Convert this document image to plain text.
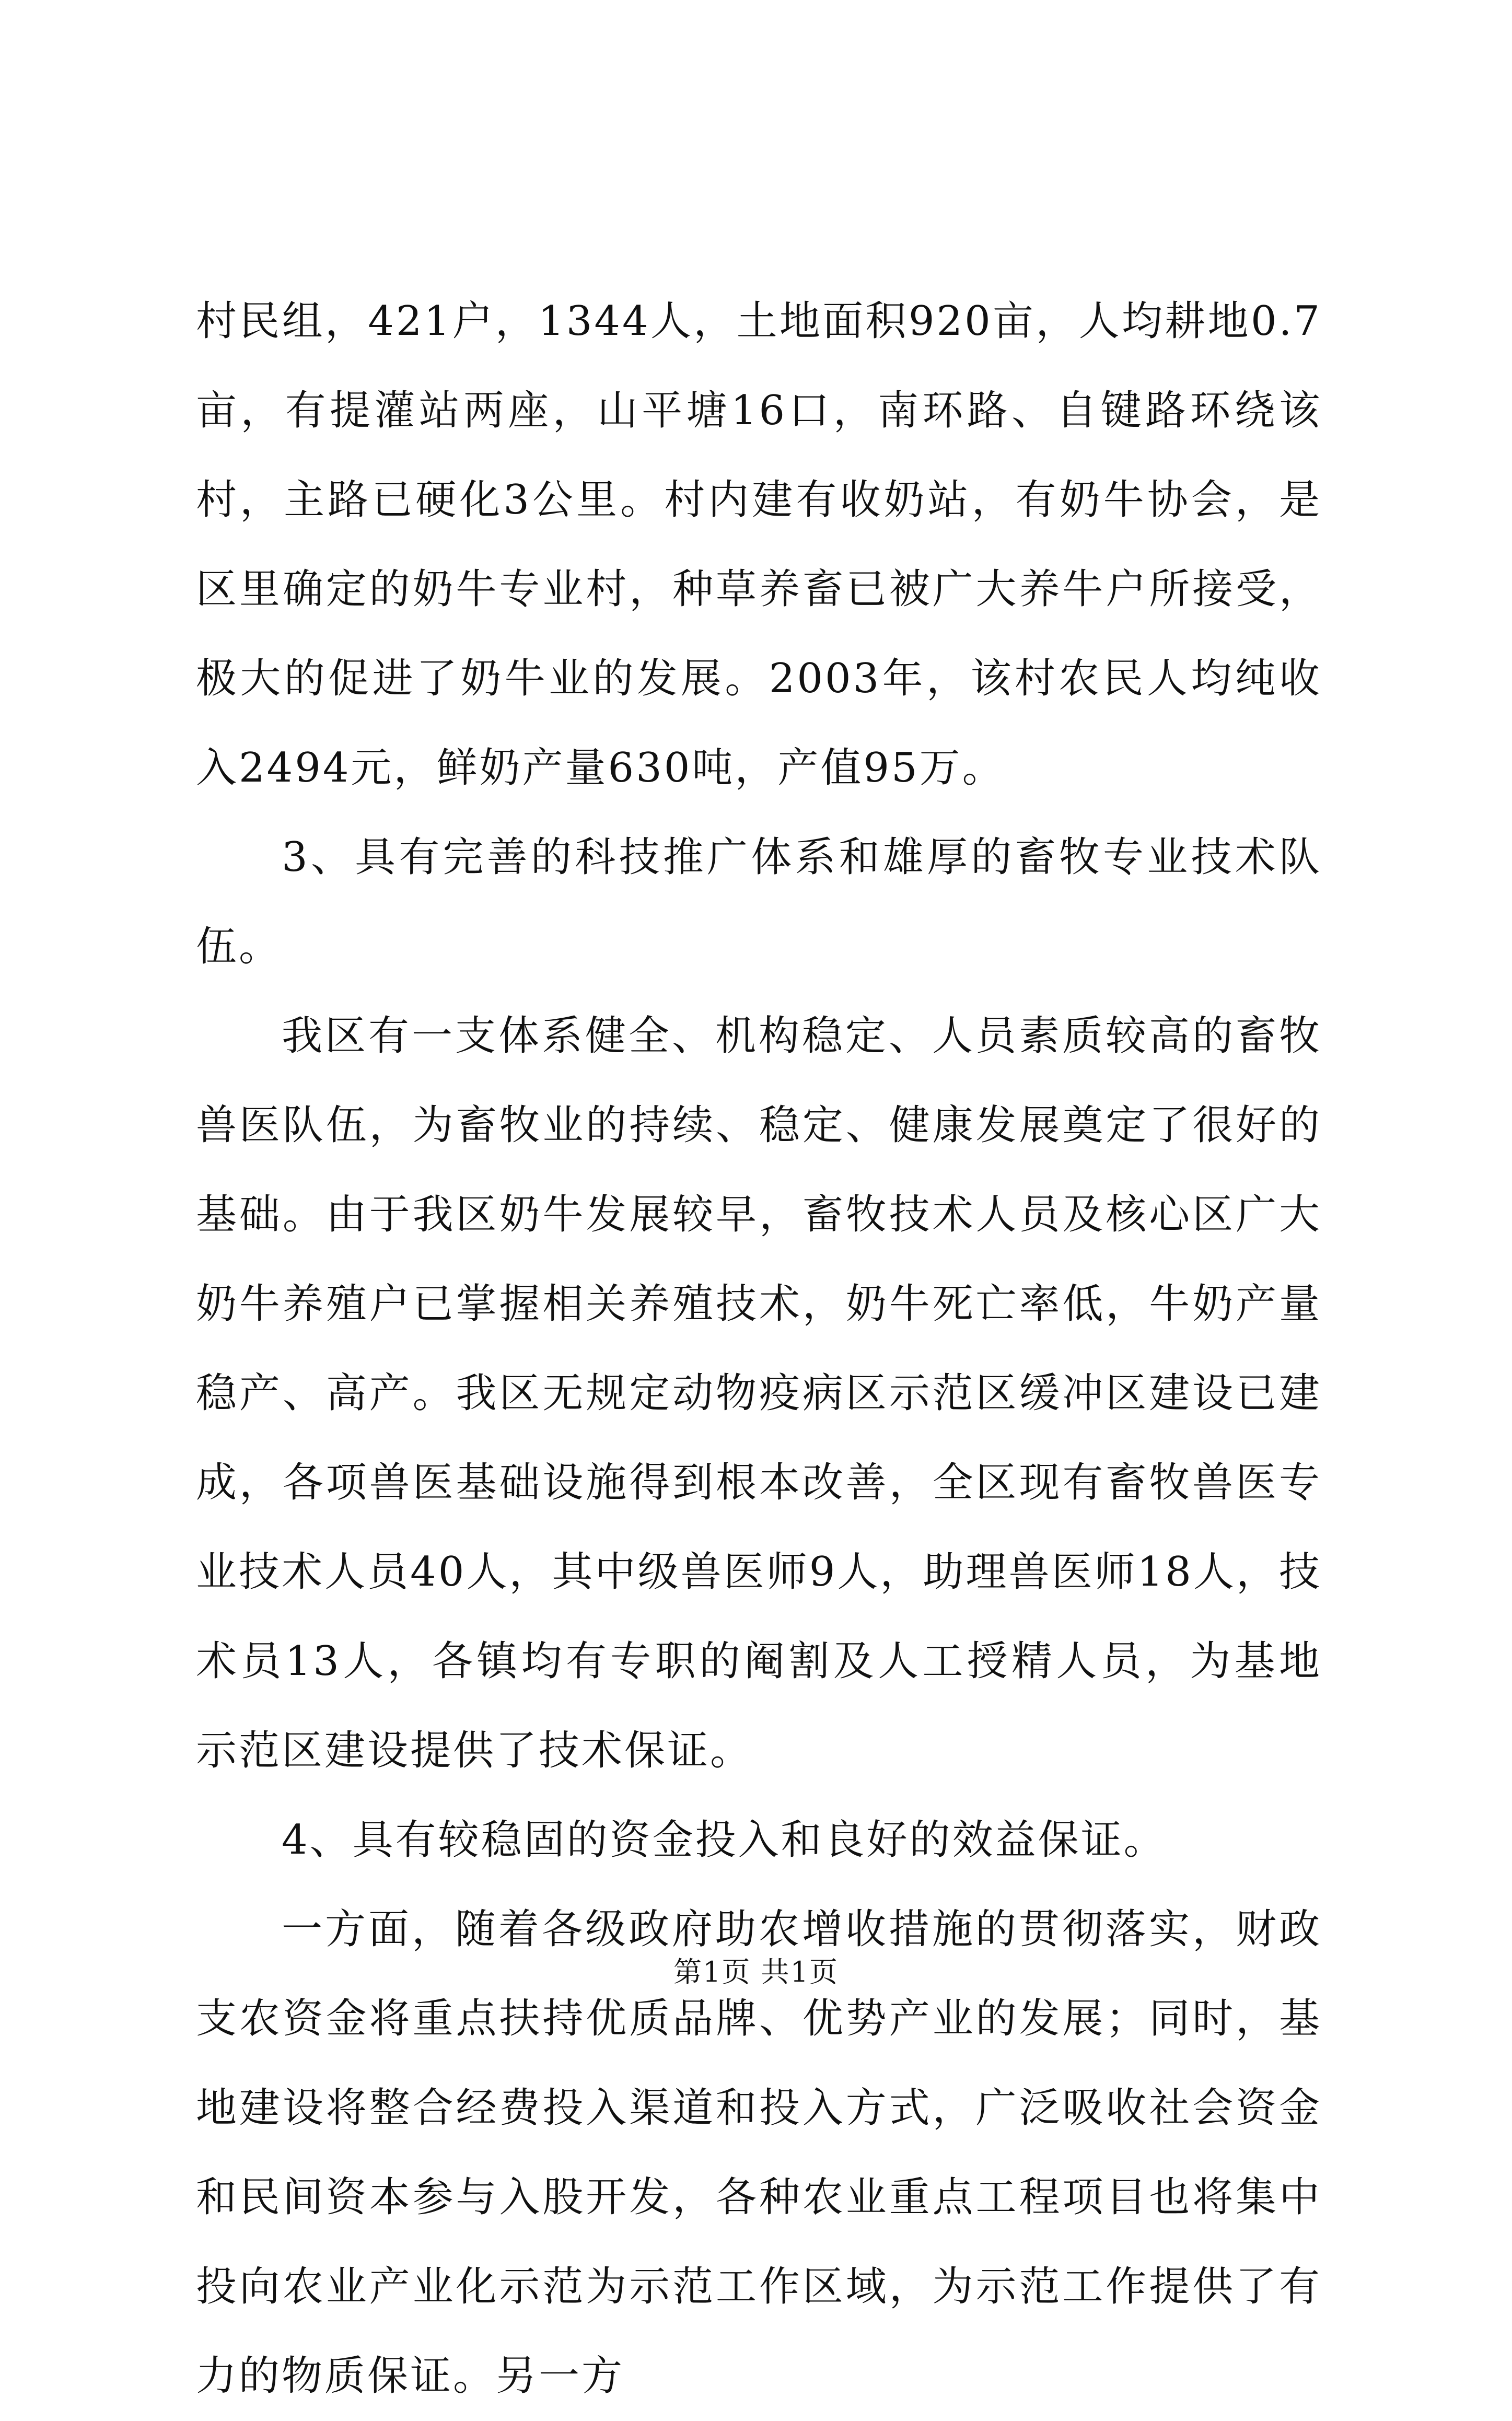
村民组，421户，1344人，土地面积920亩，人均耕地0.7亩，有提灌站两座，山平塘16口，南环路、自键路环绕该村，主路已硬化3公里。村内建有收奶站，有奶牛协会，是区里确定的奶牛专业村，种草养畜已被广大养牛户所接受，极大的促进了奶牛业的发展。2003年，该村农民人均纯收入2494元，鲜奶产量630吨，产值95万。

3、具有完善的科技推广体系和雄厚的畜牧专业技术队伍。

我区有一支体系健全、机构稳定、人员素质较高的畜牧兽医队伍，为畜牧业的持续、稳定、健康发展奠定了很好的基础。由于我区奶牛发展较早，畜牧技术人员及核心区广大奶牛养殖户已掌握相关养殖技术，奶牛死亡率低，牛奶产量稳产、高产。我区无规定动物疫病区示范区缓冲区建设已建成，各项兽医基础设施得到根本改善，全区现有畜牧兽医专业技术人员40人，其中级兽医师9人，助理兽医师18人，技术员13人，各镇均有专职的阉割及人工授精人员，为基地示范区建设提供了技术保证。

4、具有较稳固的资金投入和良好的效益保证。

一方面，随着各级政府助农增收措施的贯彻落实，财政支农资金将重点扶持优质品牌、优势产业的发展；同时，基地建设将整合经费投入渠道和投入方式，广泛吸收社会资金和民间资本参与入股开发，各种农业重点工程项目也将集中投向农业产业化示范为示范工作区域，为示范工作提供了有力的物质保证。另一方

第1页 共1页
